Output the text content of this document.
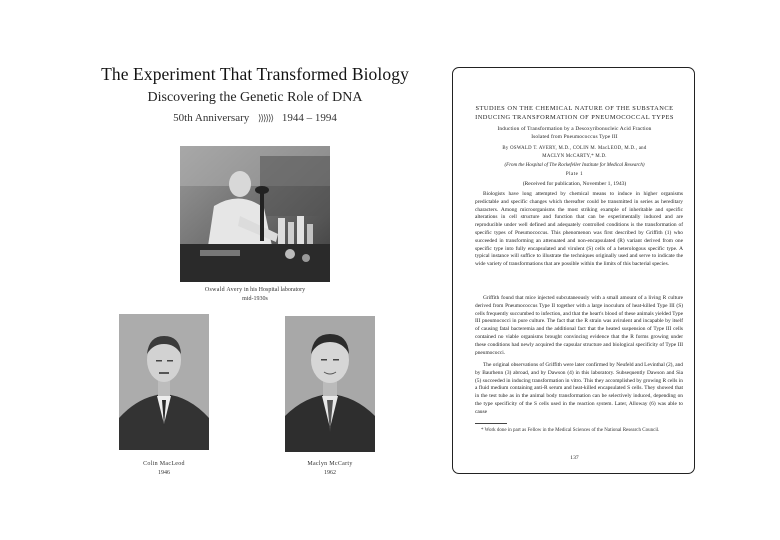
The Experiment That Transformed Biology
Discovering the Genetic Role of DNA
50th Anniversary ⟩⟩⟩⟩⟩⟩ 1944 – 1994
Oswald Avery in his Hospital laboratory
mid-1930s
Colin MacLeod
1946
Maclyn McCarty
1962
STUDIES ON THE CHEMICAL NATURE OF THE SUBSTANCE
INDUCING TRANSFORMATION OF PNEUMOCOCCAL TYPES
Induction of Transformation by a Desoxyribonucleic Acid Fraction
Isolated from Pneumococcus Type III
By OSWALD T. AVERY, M.D., COLIN M. MacLEOD, M.D., and
MACLYN McCARTY,* M.D.
(From the Hospital of The Rockefeller Institute for Medical Research)
Plate 1
(Received for publication, November 1, 1943)

Biologists have long attempted by chemical means to induce in higher organisms predictable and specific changes which thereafter could be transmitted in series as hereditary characters. Among microorganisms the most striking example of inheritable and specific alterations in cell structure and function that can be experimentally induced and are reproducible under well defined and adequately controlled conditions is the transformation of specific types of Pneumococcus. This phenomenon was first described by Griffith (1) who succeeded in transforming an attenuated and non-encapsulated (R) variant derived from one specific type into fully encapsulated and virulent (S) cells of a heterologous specific type. A typical instance will suffice to illustrate the techniques originally used and serve to indicate the wide variety of transformations that are possible within the limits of this bacterial species.

Griffith found that mice injected subcutaneously with a small amount of a living R culture derived from Pneumococcus Type II together with a large inoculum of heat-killed Type III (S) cells frequently succumbed to infection, and that the heart's blood of these animals yielded Type III pneumococci in pure culture. The fact that the R strain was avirulent and incapable by itself of causing fatal bacteremia and the additional fact that the heated suspension of Type III cells contained no viable organisms brought convincing evidence that the R forms growing under these conditions had newly acquired the capsular structure and biological specificity of Type III pneumococci.

The original observations of Griffith were later confirmed by Neufeld and Levinthal (2), and by Baurhenn (3) abroad, and by Dawson (4) in this laboratory. Subsequently Dawson and Sia (5) succeeded in inducing transformation in vitro. This they accomplished by growing R cells in a fluid medium containing anti-R serum and heat-killed encapsulated S cells. They showed that in the test tube as in the animal body transformation can be selectively induced, depending on the type specificity of the S cells used in the reaction system. Later, Alloway (6) was able to cause

* Work done in part as Fellow in the Medical Sciences of the National Research Council.

137
